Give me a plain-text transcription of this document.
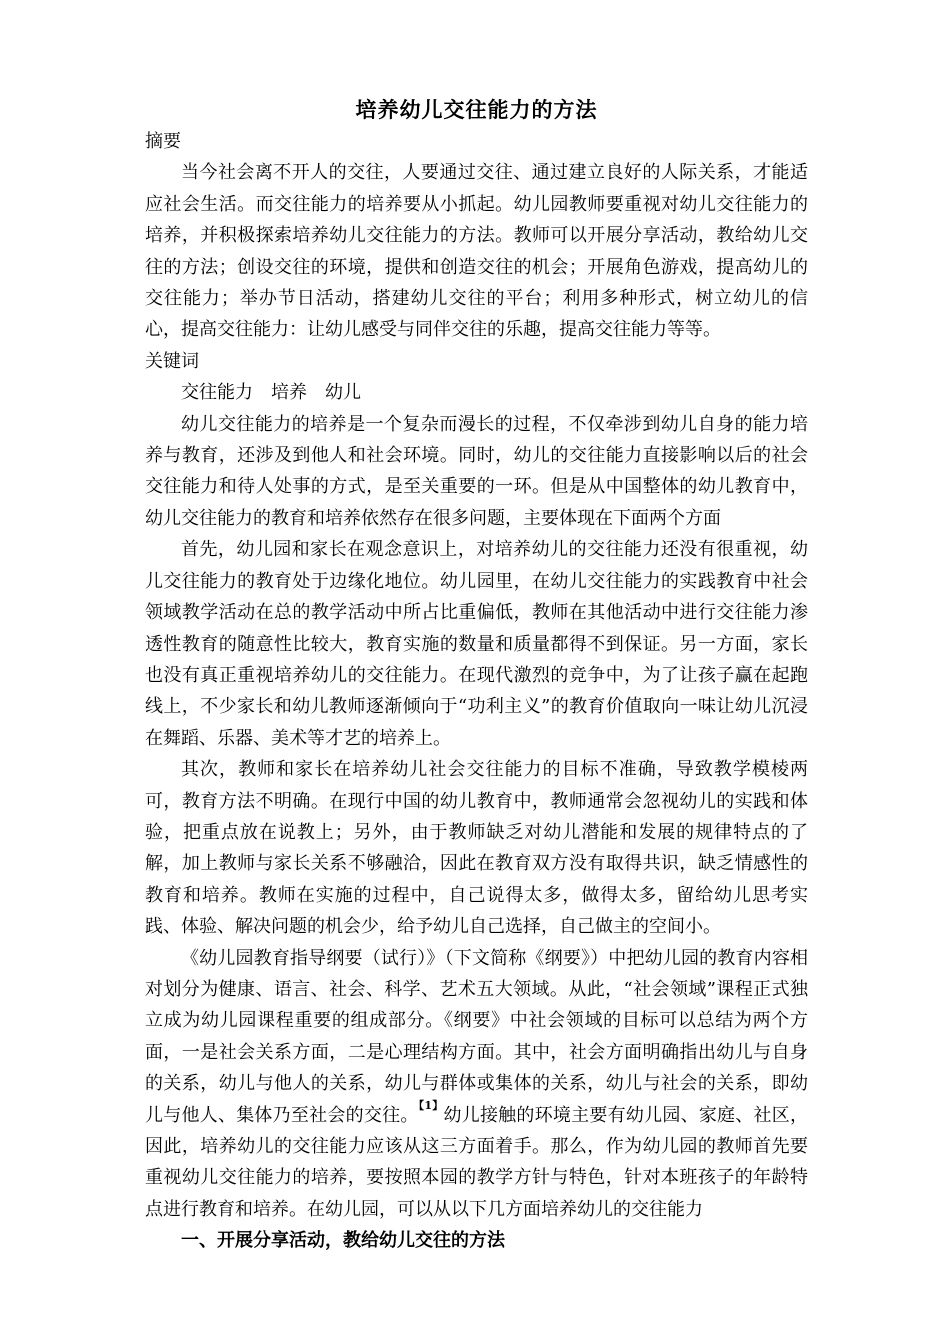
培养幼儿交往能力的方法

摘要

当今社会离不开人的交往，人要通过交往、通过建立良好的人际关系，才能适应社会生活。而交往能力的培养要从小抓起。幼儿园教师要重视对幼儿交往能力的培养，并积极探索培养幼儿交往能力的方法。教师可以开展分享活动，教给幼儿交往的方法；创设交往的环境，提供和创造交往的机会；开展角色游戏，提高幼儿的交往能力；举办节日活动，搭建幼儿交往的平台；利用多种形式，树立幼儿的信心，提高交往能力：让幼儿感受与同伴交往的乐趣，提高交往能力等等。

关键词

交往能力　培养　幼儿

幼儿交往能力的培养是一个复杂而漫长的过程，不仅牵涉到幼儿自身的能力培养与教育，还涉及到他人和社会环境。同时，幼儿的交往能力直接影响以后的社会交往能力和待人处事的方式，是至关重要的一环。但是从中国整体的幼儿教育中，幼儿交往能力的教育和培养依然存在很多问题，主要体现在下面两个方面

首先，幼儿园和家长在观念意识上，对培养幼儿的交往能力还没有很重视，幼儿交往能力的教育处于边缘化地位。幼儿园里，在幼儿交往能力的实践教育中社会领域教学活动在总的教学活动中所占比重偏低，教师在其他活动中进行交往能力渗透性教育的随意性比较大，教育实施的数量和质量都得不到保证。另一方面，家长也没有真正重视培养幼儿的交往能力。在现代激烈的竞争中，为了让孩子赢在起跑线上，不少家长和幼儿教师逐渐倾向于“功利主义”的教育价值取向一味让幼儿沉浸在舞蹈、乐器、美术等才艺的培养上。

其次，教师和家长在培养幼儿社会交往能力的目标不准确，导致教学模棱两可，教育方法不明确。在现行中国的幼儿教育中，教师通常会忽视幼儿的实践和体验，把重点放在说教上；另外，由于教师缺乏对幼儿潜能和发展的规律特点的了解，加上教师与家长关系不够融洽，因此在教育双方没有取得共识，缺乏情感性的教育和培养。教师在实施的过程中，自己说得太多，做得太多，留给幼儿思考实践、体验、解决问题的机会少，给予幼儿自己选择，自己做主的空间小。

《幼儿园教育指导纲要（试行）》（下文简称《纲要》）中把幼儿园的教育内容相对划分为健康、语言、社会、科学、艺术五大领域。从此，“社会领域”课程正式独立成为幼儿园课程重要的组成部分。《纲要》中社会领域的目标可以总结为两个方面，一是社会关系方面，二是心理结构方面。其中，社会方面明确指出幼儿与自身的关系，幼儿与他人的关系，幼儿与群体或集体的关系，幼儿与社会的关系，即幼儿与他人、集体乃至社会的交往。$^{【1】}$幼儿接触的环境主要有幼儿园、家庭、社区，因此，培养幼儿的交往能力应该从这三方面着手。那么，作为幼儿园的教师首先要重视幼儿交往能力的培养，要按照本园的教学方针与特色，针对本班孩子的年龄特点进行教育和培养。在幼儿园，可以从以下几方面培养幼儿的交往能力

一、开展分享活动，教给幼儿交往的方法
